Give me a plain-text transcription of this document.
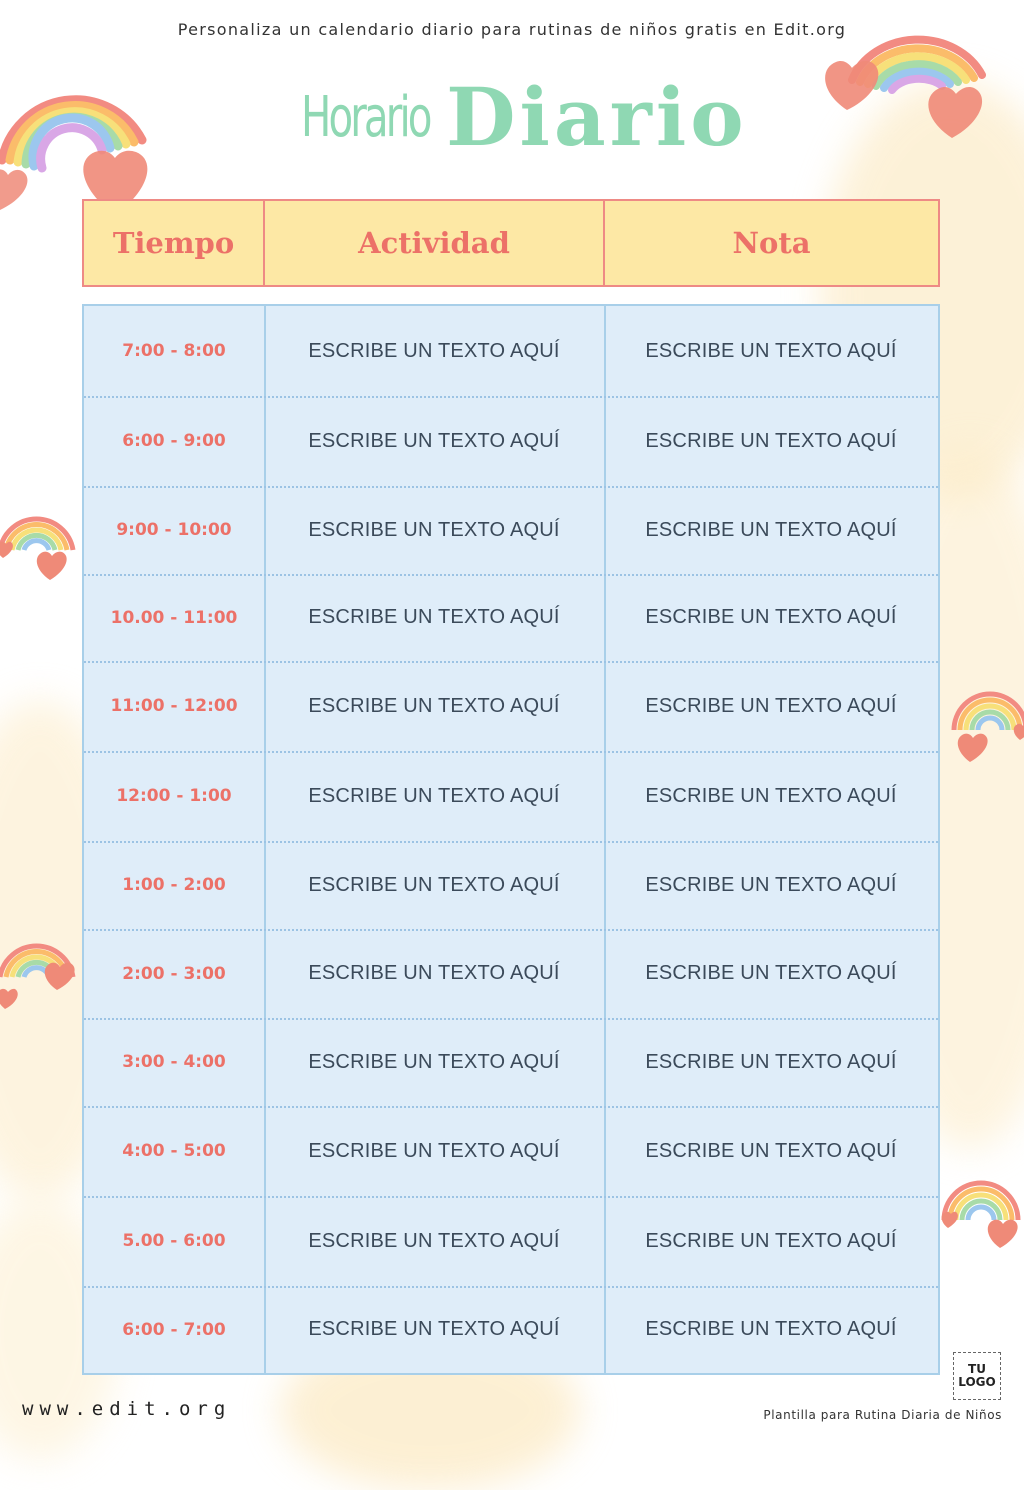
Personaliza un calendario diario para rutinas de niños gratis en Edit.org
Horario Diario
Tiempo	Actividad	Nota
7:00 - 8:00	ESCRIBE UN TEXTO AQUÍ	ESCRIBE UN TEXTO AQUÍ
6:00 - 9:00	ESCRIBE UN TEXTO AQUÍ	ESCRIBE UN TEXTO AQUÍ
9:00 - 10:00	ESCRIBE UN TEXTO AQUÍ	ESCRIBE UN TEXTO AQUÍ
10.00 - 11:00	ESCRIBE UN TEXTO AQUÍ	ESCRIBE UN TEXTO AQUÍ
11:00 - 12:00	ESCRIBE UN TEXTO AQUÍ	ESCRIBE UN TEXTO AQUÍ
12:00 - 1:00	ESCRIBE UN TEXTO AQUÍ	ESCRIBE UN TEXTO AQUÍ
1:00 - 2:00	ESCRIBE UN TEXTO AQUÍ	ESCRIBE UN TEXTO AQUÍ
2:00 - 3:00	ESCRIBE UN TEXTO AQUÍ	ESCRIBE UN TEXTO AQUÍ
3:00 - 4:00	ESCRIBE UN TEXTO AQUÍ	ESCRIBE UN TEXTO AQUÍ
4:00 - 5:00	ESCRIBE UN TEXTO AQUÍ	ESCRIBE UN TEXTO AQUÍ
5.00 - 6:00	ESCRIBE UN TEXTO AQUÍ	ESCRIBE UN TEXTO AQUÍ
6:00 - 7:00	ESCRIBE UN TEXTO AQUÍ	ESCRIBE UN TEXTO AQUÍ
www.edit.org
TU
LOGO
Plantilla para Rutina Diaria de Niños
